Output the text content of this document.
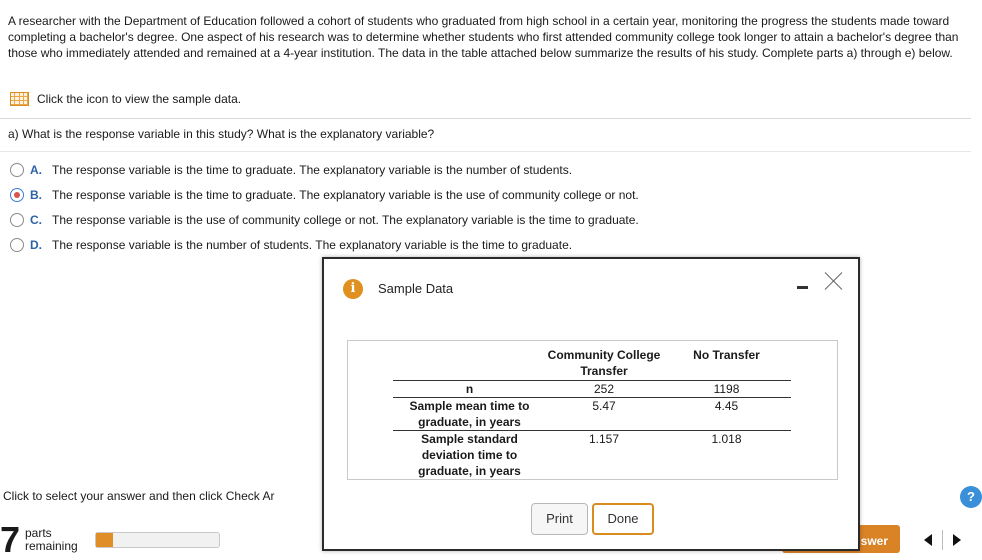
A researcher with the Department of Education followed a cohort of students who graduated from high school in a certain year, monitoring the progress the students made toward completing a bachelor's degree. One aspect of his research was to determine whether students who first attended community college took longer to attain a bachelor's degree than those who immediately attended and remained at a 4-year institution. The data in the table attached below summarize the results of his study. Complete parts a) through e) below.
Click the icon to view the sample data.
a) What is the response variable in this study? What is the explanatory variable?
A. The response variable is the time to graduate. The explanatory variable is the number of students.
B. The response variable is the time to graduate. The explanatory variable is the use of community college or not.
C. The response variable is the use of community college or not. The explanatory variable is the time to graduate.
D. The response variable is the number of students. The explanatory variable is the time to graduate.
Click to select your answer and then click Check Ar	?
7 parts remaining	swer
i	Sample Data
	Community College Transfer	No Transfer
n	252	1198
Sample mean time to graduate, in years	5.47	4.45
Sample standard deviation time to graduate, in years	1.157	1.018
Print	Done
